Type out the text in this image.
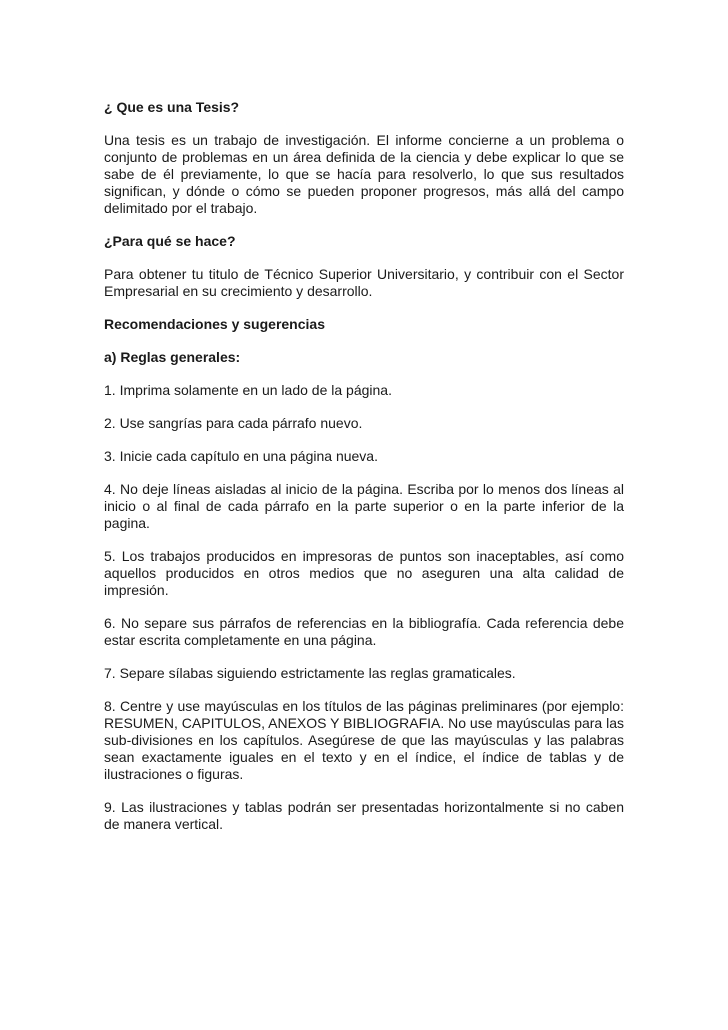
¿ Que es una Tesis?

Una tesis es un trabajo de investigación. El informe concierne a un problema o conjunto de problemas en un área definida de la ciencia y debe explicar lo que se sabe de él previamente, lo que se hacía para resolverlo, lo que sus resultados significan, y dónde o cómo se pueden proponer progresos, más allá del campo delimitado por el trabajo.

¿Para qué se hace?

Para obtener tu titulo de Técnico Superior Universitario, y contribuir con el Sector Empresarial en su crecimiento y desarrollo.

Recomendaciones y sugerencias

a) Reglas generales:

1. Imprima solamente en un lado de la página.
2. Use sangrías para cada párrafo nuevo.
3. Inicie cada capítulo en una página nueva.
4. No deje líneas aisladas al inicio de la página. Escriba por lo menos dos líneas al inicio o al final de cada párrafo en la parte superior o en la parte inferior de la pagina.
5. Los trabajos producidos en impresoras de puntos son inaceptables, así como aquellos producidos en otros medios que no aseguren una alta calidad de impresión.
6. No separe sus párrafos de referencias en la bibliografía. Cada referencia debe estar escrita completamente en una página.
7. Separe sílabas siguiendo estrictamente las reglas gramaticales.
8. Centre y use mayúsculas en los títulos de las páginas preliminares (por ejemplo: RESUMEN, CAPITULOS, ANEXOS Y BIBLIOGRAFIA. No use mayúsculas para las sub-divisiones en los capítulos. Asegúrese de que las mayúsculas y las palabras sean exactamente iguales en el texto y en el índice, el índice de tablas y de ilustraciones o figuras.
9. Las ilustraciones y tablas podrán ser presentadas horizontalmente si no caben de manera vertical.
